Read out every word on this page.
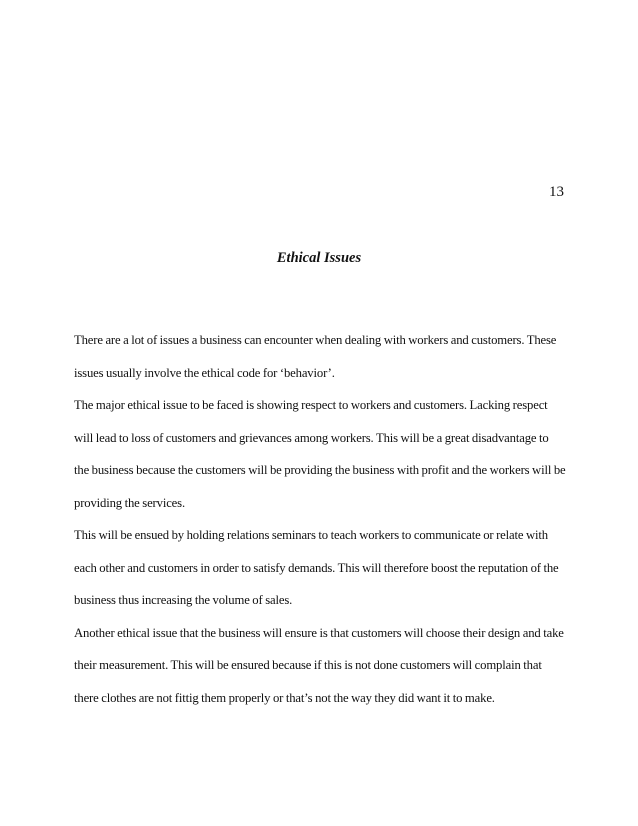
13
Ethical Issues

There are a lot of issues a business can encounter when dealing with workers and customers. These issues usually involve the ethical code for ‘behavior’.

The major ethical issue to be faced is showing respect to workers and customers. Lacking respect will lead to loss of customers and grievances among workers. This will be a great disadvantage to the business because the customers will be providing the business with profit and the workers will be providing the services.

This will be ensued by holding relations seminars to teach workers to communicate or relate with each other and customers in order to satisfy demands. This will therefore boost the reputation of the business thus increasing the volume of sales.

Another ethical issue that the business will ensure is that customers will choose their design and take their measurement. This will be ensured because if this is not done customers will complain that there clothes are not fittig them properly or that’s not the way they did want it to make.
